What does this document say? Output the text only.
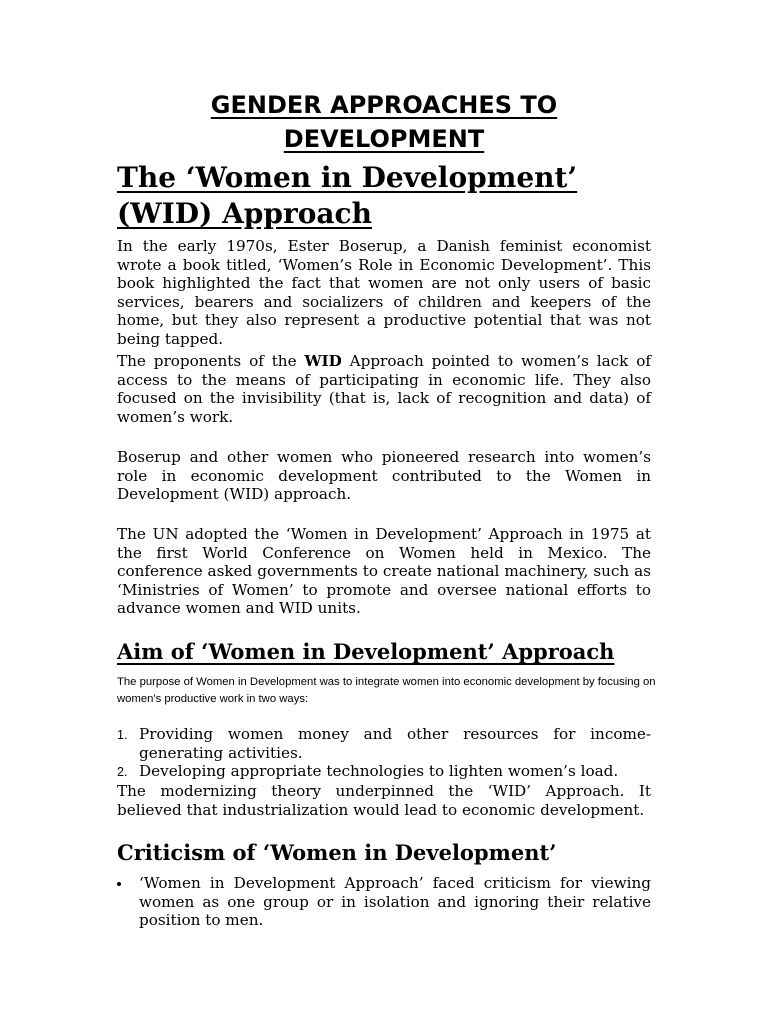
GENDER APPROACHES TO
DEVELOPMENT
The ‘Women in Development’
(WID) Approach

In the early 1970s, Ester Boserup, a Danish feminist economist wrote a book titled, ‘Women’s Role in Economic Development’. This book highlighted the fact that women are not only users of basic services, bearers and socializers of children and keepers of the home, but they also represent a productive potential that was not being tapped.

The proponents of the WID Approach pointed to women’s lack of access to the means of participating in economic life. They also focused on the invisibility (that is, lack of recognition and data) of women’s work.

Boserup and other women who pioneered research into women’s role in economic development contributed to the Women in Development (WID) approach.

The UN adopted the ‘Women in Development’ Approach in 1975 at the first World Conference on Women held in Mexico. The conference asked governments to create national machinery, such as ‘Ministries of Women’ to promote and oversee national efforts to advance women and WID units.

Aim of ‘Women in Development’ Approach

The purpose of Women in Development was to integrate women into economic development by focusing on women's productive work in two ways:

1. Providing women money and other resources for income-generating activities.
2. Developing appropriate technologies to lighten women’s load.

The modernizing theory underpinned the ‘WID’ Approach. It believed that industrialization would lead to economic development.

Criticism of ‘Women in Development’
‘Women in Development Approach’ faced criticism for viewing women as one group or in isolation and ignoring their relative position to men.
